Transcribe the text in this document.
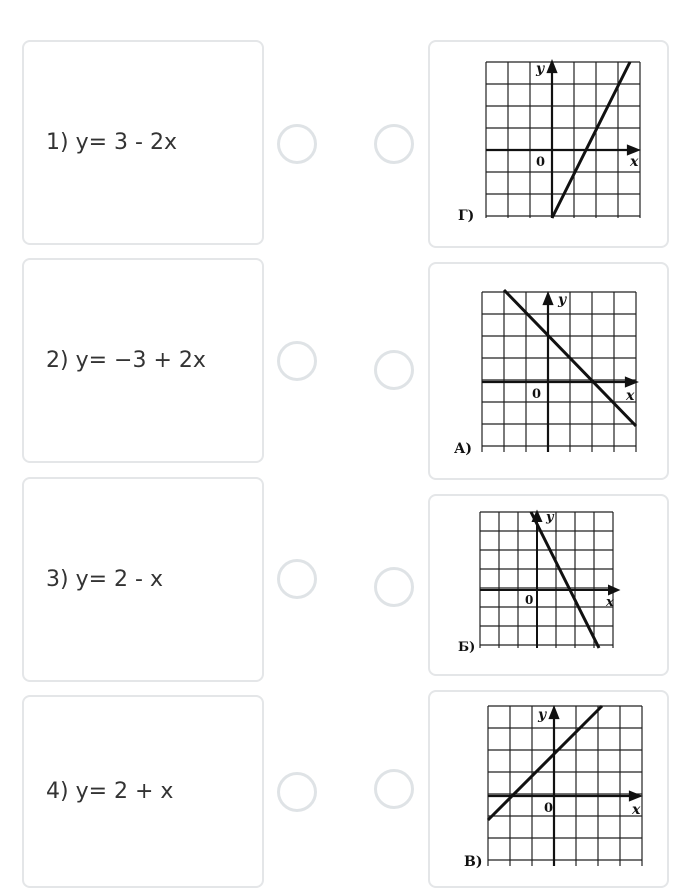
1) y= 3 - 2x
y
x
0
Г)
2) y= −3 + 2x
y
x
0
А)
3) y= 2 - x
y
x
0
Б)
4) y= 2 + x
y
x
0
В)
